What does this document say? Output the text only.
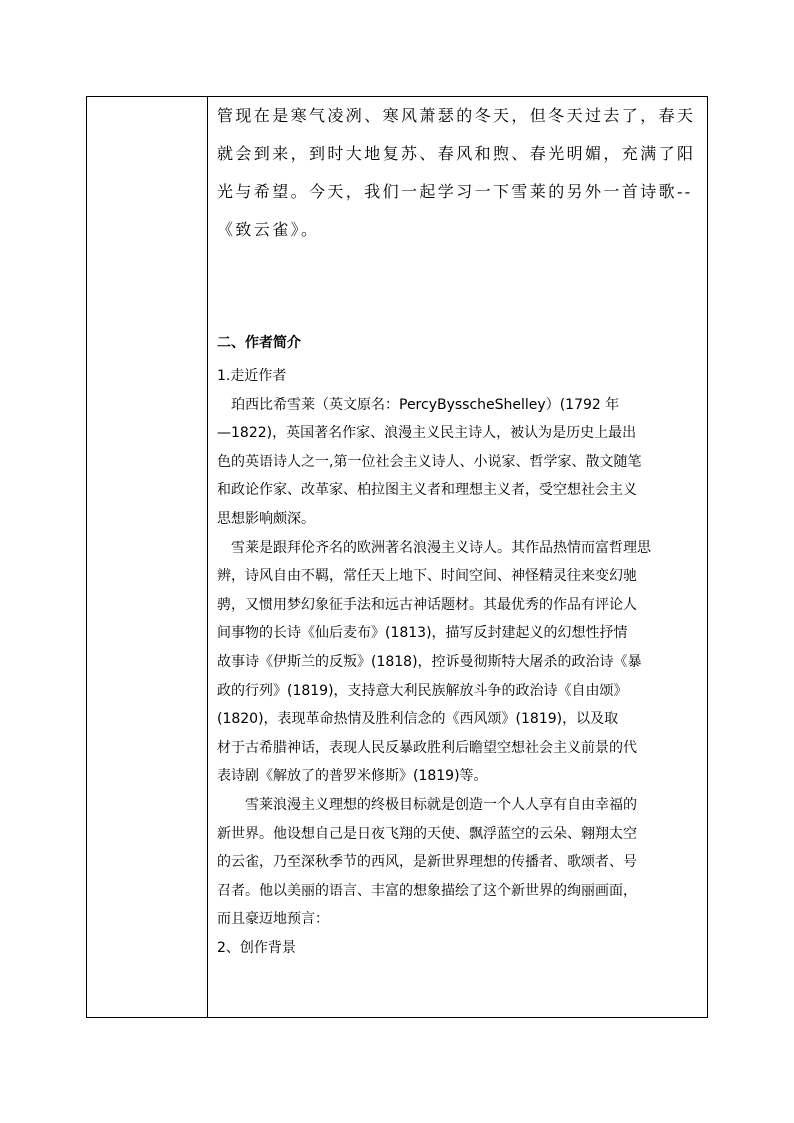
管现在是寒气凌冽、寒风萧瑟的冬天，但冬天过去了，春天

就会到来，到时大地复苏、春风和煦、春光明媚，充满了阳

光与希望。今天，我们一起学习一下雪莱的另外一首诗歌--

《致云雀》。

二、作者简介

1.走近作者

珀西比希雪莱（英文原名：PercyBysscheShelley）(1792 年

—1822)，英国著名作家、浪漫主义民主诗人，被认为是历史上最出

色的英语诗人之一,第一位社会主义诗人、小说家、哲学家、散文随笔

和政论作家、改革家、柏拉图主义者和理想主义者，受空想社会主义

思想影响颇深。

雪莱是跟拜伦齐名的欧洲著名浪漫主义诗人。其作品热情而富哲理思

辨，诗风自由不羁，常任天上地下、时间空间、神怪精灵往来变幻驰

骋，又惯用梦幻象征手法和远古神话题材。其最优秀的作品有评论人

间事物的长诗《仙后麦布》(1813)，描写反封建起义的幻想性抒情

故事诗《伊斯兰的反叛》(1818)，控诉曼彻斯特大屠杀的政治诗《暴

政的行列》(1819)，支持意大利民族解放斗争的政治诗《自由颂》

(1820)，表现革命热情及胜利信念的《西风颂》(1819)，以及取

材于古希腊神话，表现人民反暴政胜利后瞻望空想社会主义前景的代

表诗剧《解放了的普罗米修斯》(1819)等。

雪莱浪漫主义理想的终极目标就是创造一个人人享有自由幸福的

新世界。他设想自己是日夜飞翔的天使、飘浮蓝空的云朵、翱翔太空

的云雀，乃至深秋季节的西风，是新世界理想的传播者、歌颂者、号

召者。他以美丽的语言、丰富的想象描绘了这个新世界的绚丽画面，

而且豪迈地预言：

2、创作背景
